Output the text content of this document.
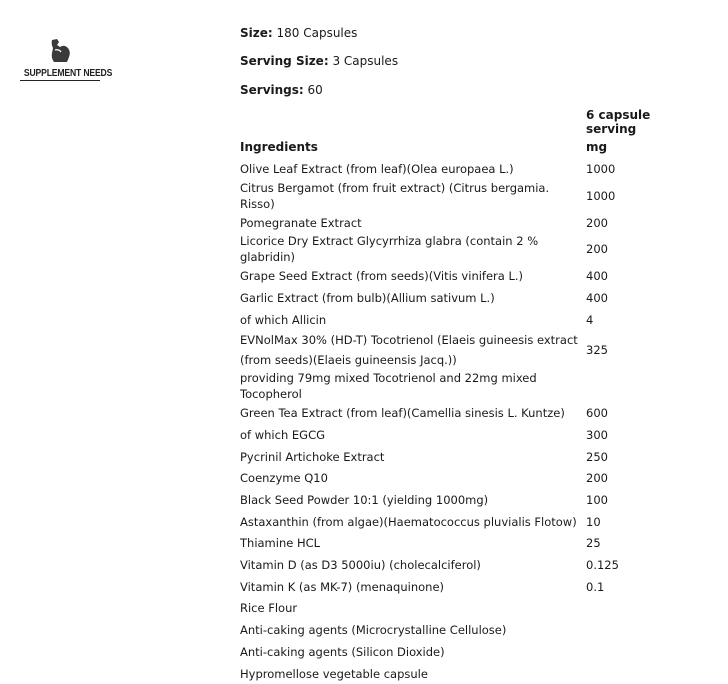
SUPPLEMENT NEEDS
Size: 180 Capsules
Serving Size: 3 Capsules
Servings: 60
	6 capsule serving
Ingredients	mg
Olive Leaf Extract (from leaf)(Olea europaea L.)	1000
Citrus Bergamot (from fruit extract) (Citrus bergamia. Risso)	1000
Pomegranate Extract	200
Licorice Dry Extract Glycyrrhiza glabra (contain 2 % glabridin)	200
Grape Seed Extract (from seeds)(Vitis vinifera L.)	400
Garlic Extract (from bulb)(Allium sativum L.)	400
of which Allicin	4
EVNolMax 30% (HD-T) Tocotrienol (Elaeis guineesis extract (from seeds)(Elaeis guineensis Jacq.))	325
providing 79mg mixed Tocotrienol and 22mg mixed Tocopherol	
Green Tea Extract (from leaf)(Camellia sinesis L. Kuntze)	600
of which EGCG	300
Pycrinil Artichoke Extract	250
Coenzyme Q10	200
Black Seed Powder 10:1 (yielding 1000mg)	100
Astaxanthin (from algae)(Haematococcus pluvialis Flotow)	10
Thiamine HCL	25
Vitamin D (as D3 5000iu) (cholecalciferol)	0.125
Vitamin K (as MK-7) (menaquinone)	0.1
Rice Flour	
Anti-caking agents (Microcrystalline Cellulose)	
Anti-caking agents (Silicon Dioxide)	
Hypromellose vegetable capsule	
